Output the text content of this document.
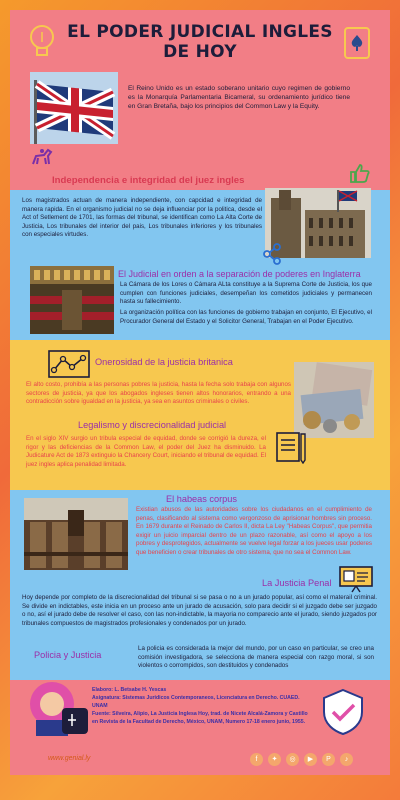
EL PODER JUDICIAL INGLES DE HOY
El Reino Unido es un estado soberano unitario cuyo regimen de gobierno es la Monarquía Parlamentaria Bicameral, su ordenamiento jurídico tiene en Gran Bretaña, bajo los principios del Common Law y la Equity.
Independencia e integridad del juez ingles
Los magistrados actuan de manera independiente, con capcidad e integridad de manera rapida. En el organismo judicial no se deja influenciar por la politica, desde el Act of Setlement de 1701, las formas del tribunal, se identifican como La Alta Corte de Justicia, Los tribunales del interior del pais, Los tribunales inferiores y los tribunales con especiales virtudes.
El Judicial en orden a la separación de poderes en Inglaterra
La Cámara de los Lores o Cámara ALta constituye a la Suprema Corte de Justicia, los que cumplen con funciones judiciales, desempeñan los cometidos judiciales y permanecen hasta su fallecimiento.
La organización política con las funciones de gobierno trabajan en conjunto, El Ejecutivo, el Procurador General del Estado y el Solicitor General, Trabajan en el Poder Ejecutivo.
Onerosidad de la justicia britanica
El alto costo, prohibía a las personas pobres la justicia, hasta la fecha solo trabaja con algunos sectores de justicia, ya que los abogados ingleses tienen altos honorarios, entrando a una contradicción sobre igualdad en la justicia, ya sea en asuntos criminales o civiles.
Legalismo y discrecionalidad judicial
En el siglo XIV surgio un tribula especial de equidad, donde se corrigió la dureza, el rigor y las deficiencias de la Common Law, el poder del Juez ha disminuido. La Judicature Act de 1873 extinguio la Chancery Court, iniciando el tribunal de equidad. El juez ingles aplica penalidad limitada.
El habeas corpus
Existian abusos de las autoridades sobre los ciudadanos en el cumplimiento de penas, clasificando al sistema como vergonzoso de aprisionar hombres sin proceso. En 1679 durante el Reinado de Carlos II, dicta La Ley "Habeas Corpus", que permitia exigir un juicio imparcial dentro de un plazo razonable, así como el apoyo a los pobres y desprotegidos, actualmente se vuelve legal forzar a los jueces usar poderes que beneficien o crear tribunales de otro sistema, que no sea el Common Law.
La Justicia Penal
Hoy depende por completo de la discrecionalidad del tribunal si se pasa o no a un jurado popular, así como el materail criminal. Se divide en indictables, este inicia en un proceso ante un jurado de acusación, solo para decidir si el juzgado debe ser juzgado o no, así el jurado debe de resolver el caso, con las non-indictable, la mayoria no comparecio ante el jurado, siendo juzgados por tribunales compuestos de magistrados profesionales y condenados por un jurado.
Policia y Justicia
La policia es considerada la mejor del mundo, por un caso en particular, se creo una comisión investigadora, se selecciona de manera especial con razgo moral, si son violentos o corrompidos, son destituidos y condenados
Elaboro: L. Betsabe H. Yescas
Asignatura: Sistemas Juridicos Contemporaneos, Licenciatura en Derecho. CUAED. UNAM
Fuente: Silveira, Alipio, La Justicia Inglesa Hoy, trad. de Nicete Alcalá-Zamora y Castillo en Revista de la Facultad de Derecho, México, UNAM, Numero 17-18 enero junio, 1955.
www.genial.ly	f	✦	◎	▶	P	♪
